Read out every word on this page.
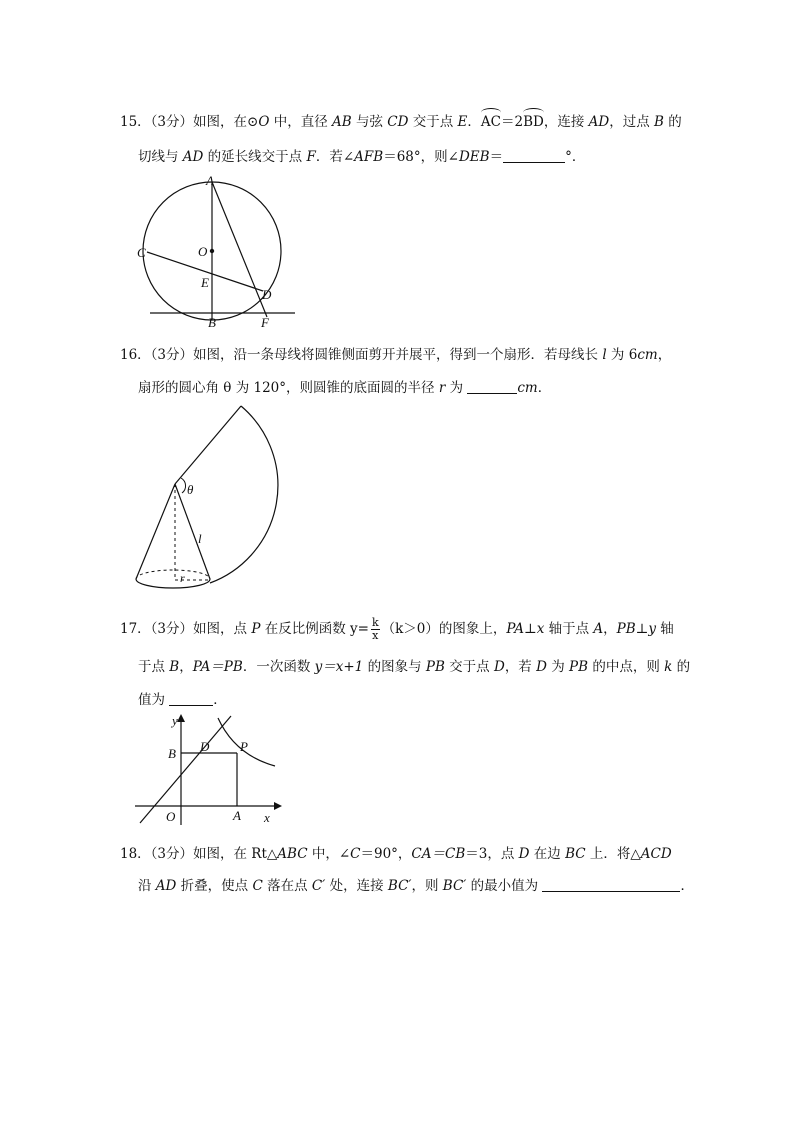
15．（3分）如图，在⊙O 中，直径 AB 与弦 CD 交于点 E．AC＝2BD，连接 AD，过点 B 的
切线与 AD 的延长线交于点 F．若∠AFB＝68°，则∠DEB＝	°．
A
B
C
D
E
F
O
16．（3分）如图，沿一条母线将圆锥侧面剪开并展平，得到一个扇形．若母线长 l 为 6cm，
扇形的圆心角 θ 为 120°，则圆锥的底面圆的半径 r 为	cm．
θ
l
r
17．（3分）如图，点 P 在反比例函数 $y= \frac{k}{x} (k>0)$的图象上，PA⊥x 轴于点 A，PB⊥y 轴
于点 B，PA＝PB．一次函数 y＝x+1 的图象与 PB 交于点 D，若 D 为 PB 的中点，则 k 的
值为	．
y
x
O	A
B D P
18．（3分）如图，在 Rt△ABC 中，∠C＝90°，CA＝CB＝3，点 D 在边 BC 上．将△ACD
沿 AD 折叠，使点 C 落在点 C′ 处，连接 BC′，则 BC′ 的最小值为	．
